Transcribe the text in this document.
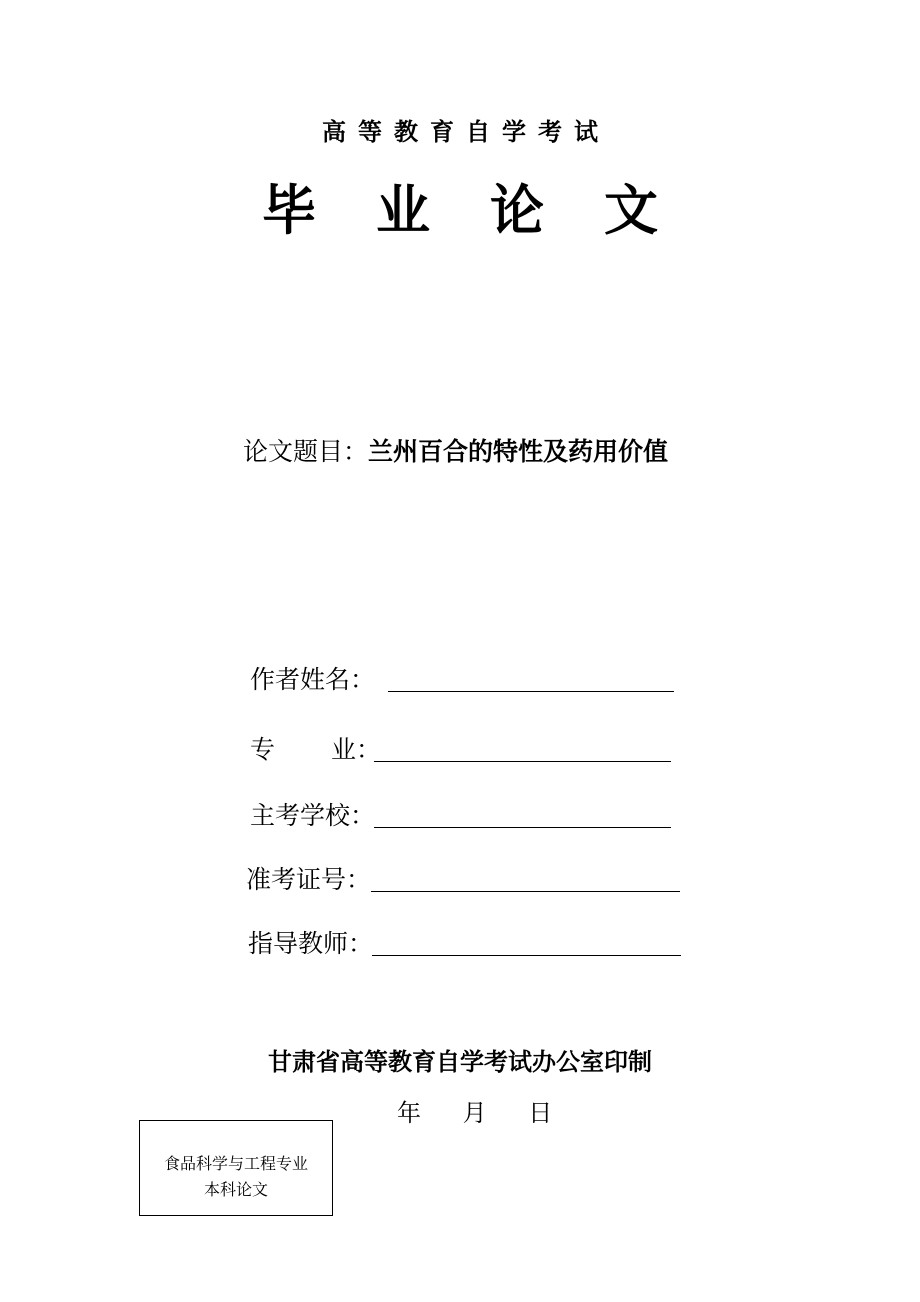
高等教育自学考试
毕业论文
论文题目：兰州百合的特性及药用价值
作者姓名：
专 业：
主考学校：
准考证号：
指导教师：
甘肃省高等教育自学考试办公室印制
年 月 日
食品科学与工程专业
本科论文
